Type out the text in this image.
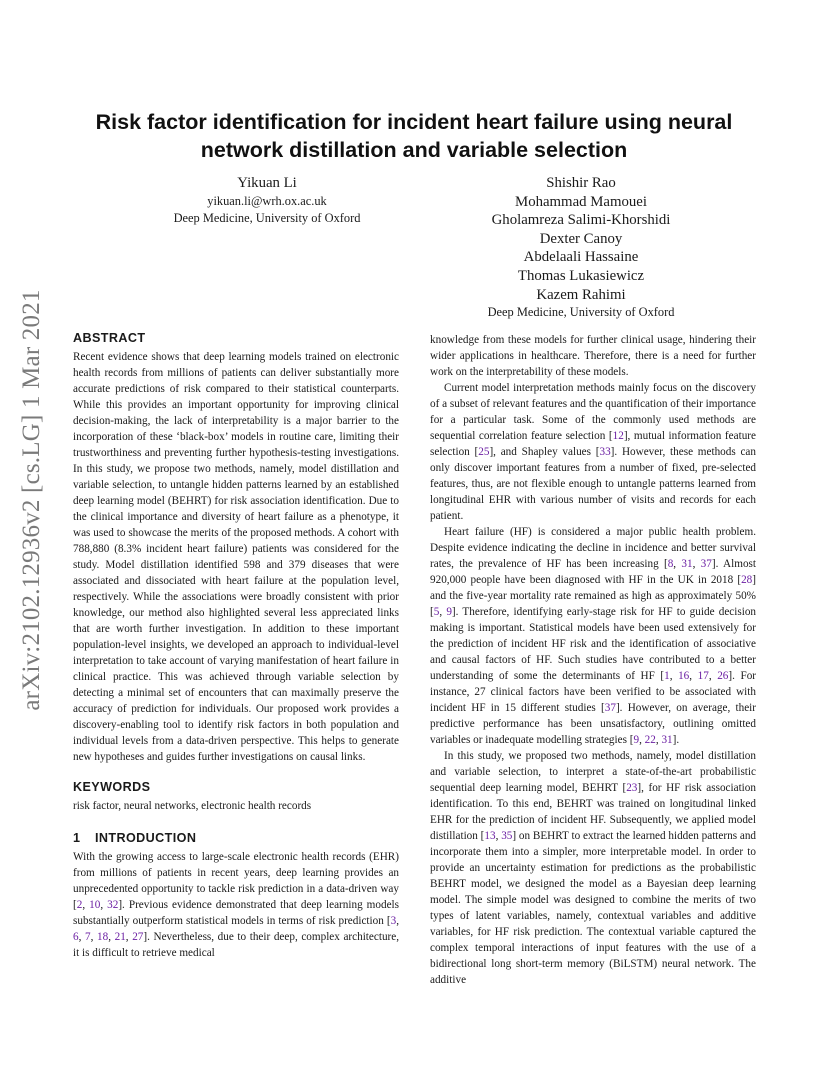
Risk factor identification for incident heart failure using neural
network distillation and variable selection
arXiv:2102.12936v2 [cs.LG] 1 Mar 2021
Yikuan Li
yikuan.li@wrh.ox.ac.uk
Deep Medicine, University of Oxford
Shishir Rao
Mohammad Mamouei
Gholamreza Salimi-Khorshidi
Dexter Canoy
Abdelaali Hassaine
Thomas Lukasiewicz
Kazem Rahimi
Deep Medicine, University of Oxford
ABSTRACT

Recent evidence shows that deep learning models trained on electronic health records from millions of patients can deliver substantially more accurate predictions of risk compared to their statistical counterparts. While this provides an important opportunity for improving clinical decision-making, the lack of interpretability is a major barrier to the incorporation of these ‘black-box’ models in routine care, limiting their trustworthiness and preventing further hypothesis-testing investigations. In this study, we propose two methods, namely, model distillation and variable selection, to untangle hidden patterns learned by an established deep learning model (BEHRT) for risk association identification. Due to the clinical importance and diversity of heart failure as a phenotype, it was used to showcase the merits of the proposed methods. A cohort with 788,880 (8.3% incident heart failure) patients was considered for the study. Model distillation identified 598 and 379 diseases that were associated and dissociated with heart failure at the population level, respectively. While the associations were broadly consistent with prior knowledge, our method also highlighted several less appreciated links that are worth further investigation. In addition to these important population-level insights, we developed an approach to individual-level interpretation to take account of varying manifestation of heart failure in clinical practice. This was achieved through variable selection by detecting a minimal set of encounters that can maximally preserve the accuracy of prediction for individuals. Our proposed work provides a discovery-enabling tool to identify risk factors in both population and individual levels from a data-driven perspective. This helps to generate new hypotheses and guides further investigations on causal links.

KEYWORDS

risk factor, neural networks, electronic health records

1 INTRODUCTION

With the growing access to large-scale electronic health records (EHR) from millions of patients in recent years, deep learning provides an unprecedented opportunity to tackle risk prediction in a data-driven way [2, 10, 32]. Previous evidence demonstrated that deep learning models substantially outperform statistical models in terms of risk prediction [3, 6, 7, 18, 21, 27]. Nevertheless, due to their deep, complex architecture, it is difficult to retrieve medical

knowledge from these models for further clinical usage, hindering their wider applications in healthcare. Therefore, there is a need for further work on the interpretability of these models.

Current model interpretation methods mainly focus on the discovery of a subset of relevant features and the quantification of their importance for a particular task. Some of the commonly used methods are sequential correlation feature selection [12], mutual information feature selection [25], and Shapley values [33]. However, these methods can only discover important features from a number of fixed, pre-selected features, thus, are not flexible enough to untangle patterns learned from longitudinal EHR with various number of visits and records for each patient.

Heart failure (HF) is considered a major public health problem. Despite evidence indicating the decline in incidence and better survival rates, the prevalence of HF has been increasing [8, 31, 37]. Almost 920,000 people have been diagnosed with HF in the UK in 2018 [28] and the five-year mortality rate remained as high as approximately 50% [5, 9]. Therefore, identifying early-stage risk for HF to guide decision making is important. Statistical models have been used extensively for the prediction of incident HF risk and the identification of associative and causal factors of HF. Such studies have contributed to a better understanding of some the determinants of HF [1, 16, 17, 26]. For instance, 27 clinical factors have been verified to be associated with incident HF in 15 different studies [37]. However, on average, their predictive performance has been unsatisfactory, outlining omitted variables or inadequate modelling strategies [9, 22, 31].

In this study, we proposed two methods, namely, model distillation and variable selection, to interpret a state-of-the-art probabilistic sequential deep learning model, BEHRT [23], for HF risk association identification. To this end, BEHRT was trained on longitudinal linked EHR for the prediction of incident HF. Subsequently, we applied model distillation [13, 35] on BEHRT to extract the learned hidden patterns and incorporate them into a simpler, more interpretable model. In order to provide an uncertainty estimation for predictions as the probabilistic BEHRT model, we designed the model as a Bayesian deep learning model. The simple model was designed to combine the merits of two types of latent variables, namely, contextual variables and additive variables, for HF risk prediction. The contextual variable captured the complex temporal interactions of input features with the use of a bidirectional long short-term memory (BiLSTM) neural network. The additive
